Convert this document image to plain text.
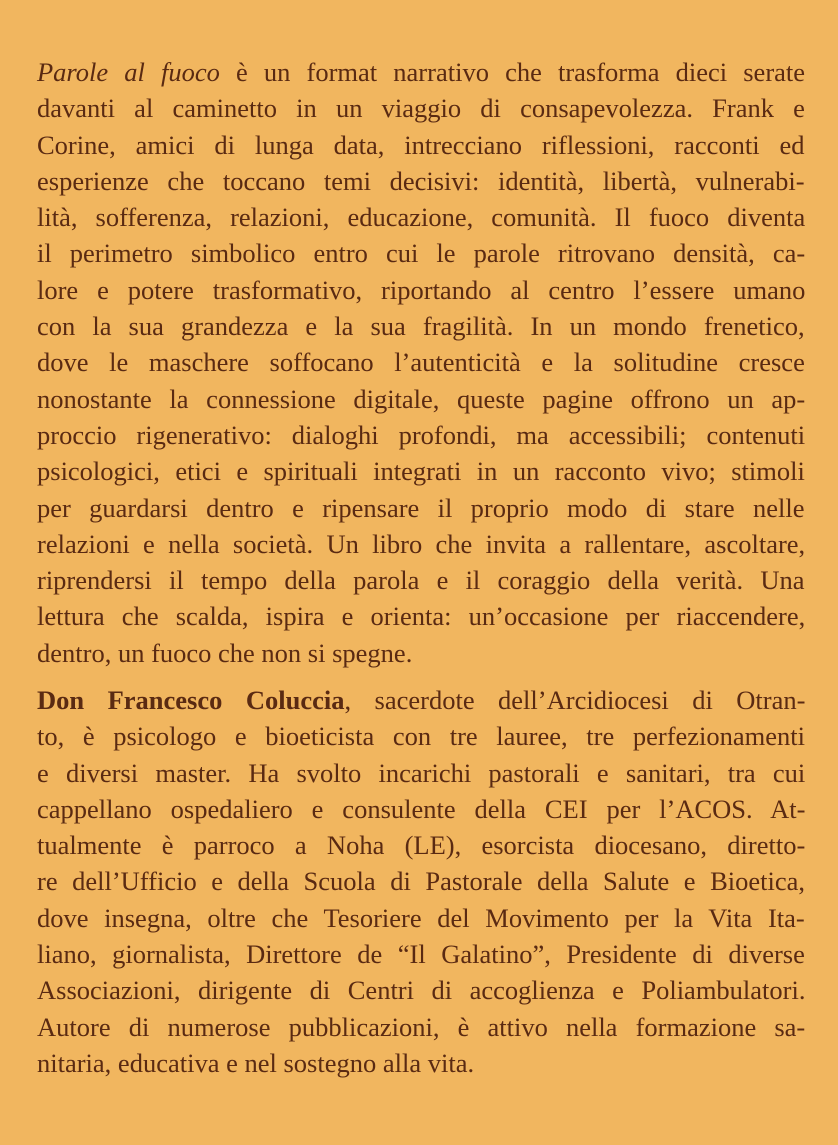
Parole al fuoco è un format narrativo che trasforma dieci serate
davanti al caminetto in un viaggio di consapevolezza. Frank e
Corine, amici di lunga data, intrecciano riflessioni, racconti ed
esperienze che toccano temi decisivi: identità, libertà, vulnerabi-
lità, sofferenza, relazioni, educazione, comunità. Il fuoco diventa
il perimetro simbolico entro cui le parole ritrovano densità, ca-
lore e potere trasformativo, riportando al centro l’essere umano
con la sua grandezza e la sua fragilità. In un mondo frenetico,
dove le maschere soffocano l’autenticità e la solitudine cresce
nonostante la connessione digitale, queste pagine offrono un ap-
proccio rigenerativo: dialoghi profondi, ma accessibili; contenuti
psicologici, etici e spirituali integrati in un racconto vivo; stimoli
per guardarsi dentro e ripensare il proprio modo di stare nelle
relazioni e nella società. Un libro che invita a rallentare, ascoltare,
riprendersi il tempo della parola e il coraggio della verità. Una
lettura che scalda, ispira e orienta: un’occasione per riaccendere,
dentro, un fuoco che non si spegne.
Don Francesco Coluccia, sacerdote dell’Arcidiocesi di Otran-
to, è psicologo e bioeticista con tre lauree, tre perfezionamenti
e diversi master. Ha svolto incarichi pastorali e sanitari, tra cui
cappellano ospedaliero e consulente della CEI per l’ACOS. At-
tualmente è parroco a Noha (LE), esorcista diocesano, diretto-
re dell’Ufficio e della Scuola di Pastorale della Salute e Bioetica,
dove insegna, oltre che Tesoriere del Movimento per la Vita Ita-
liano, giornalista, Direttore de “Il Galatino”, Presidente di diverse
Associazioni, dirigente di Centri di accoglienza e Poliambulatori.
Autore di numerose pubblicazioni, è attivo nella formazione sa-
nitaria, educativa e nel sostegno alla vita.
